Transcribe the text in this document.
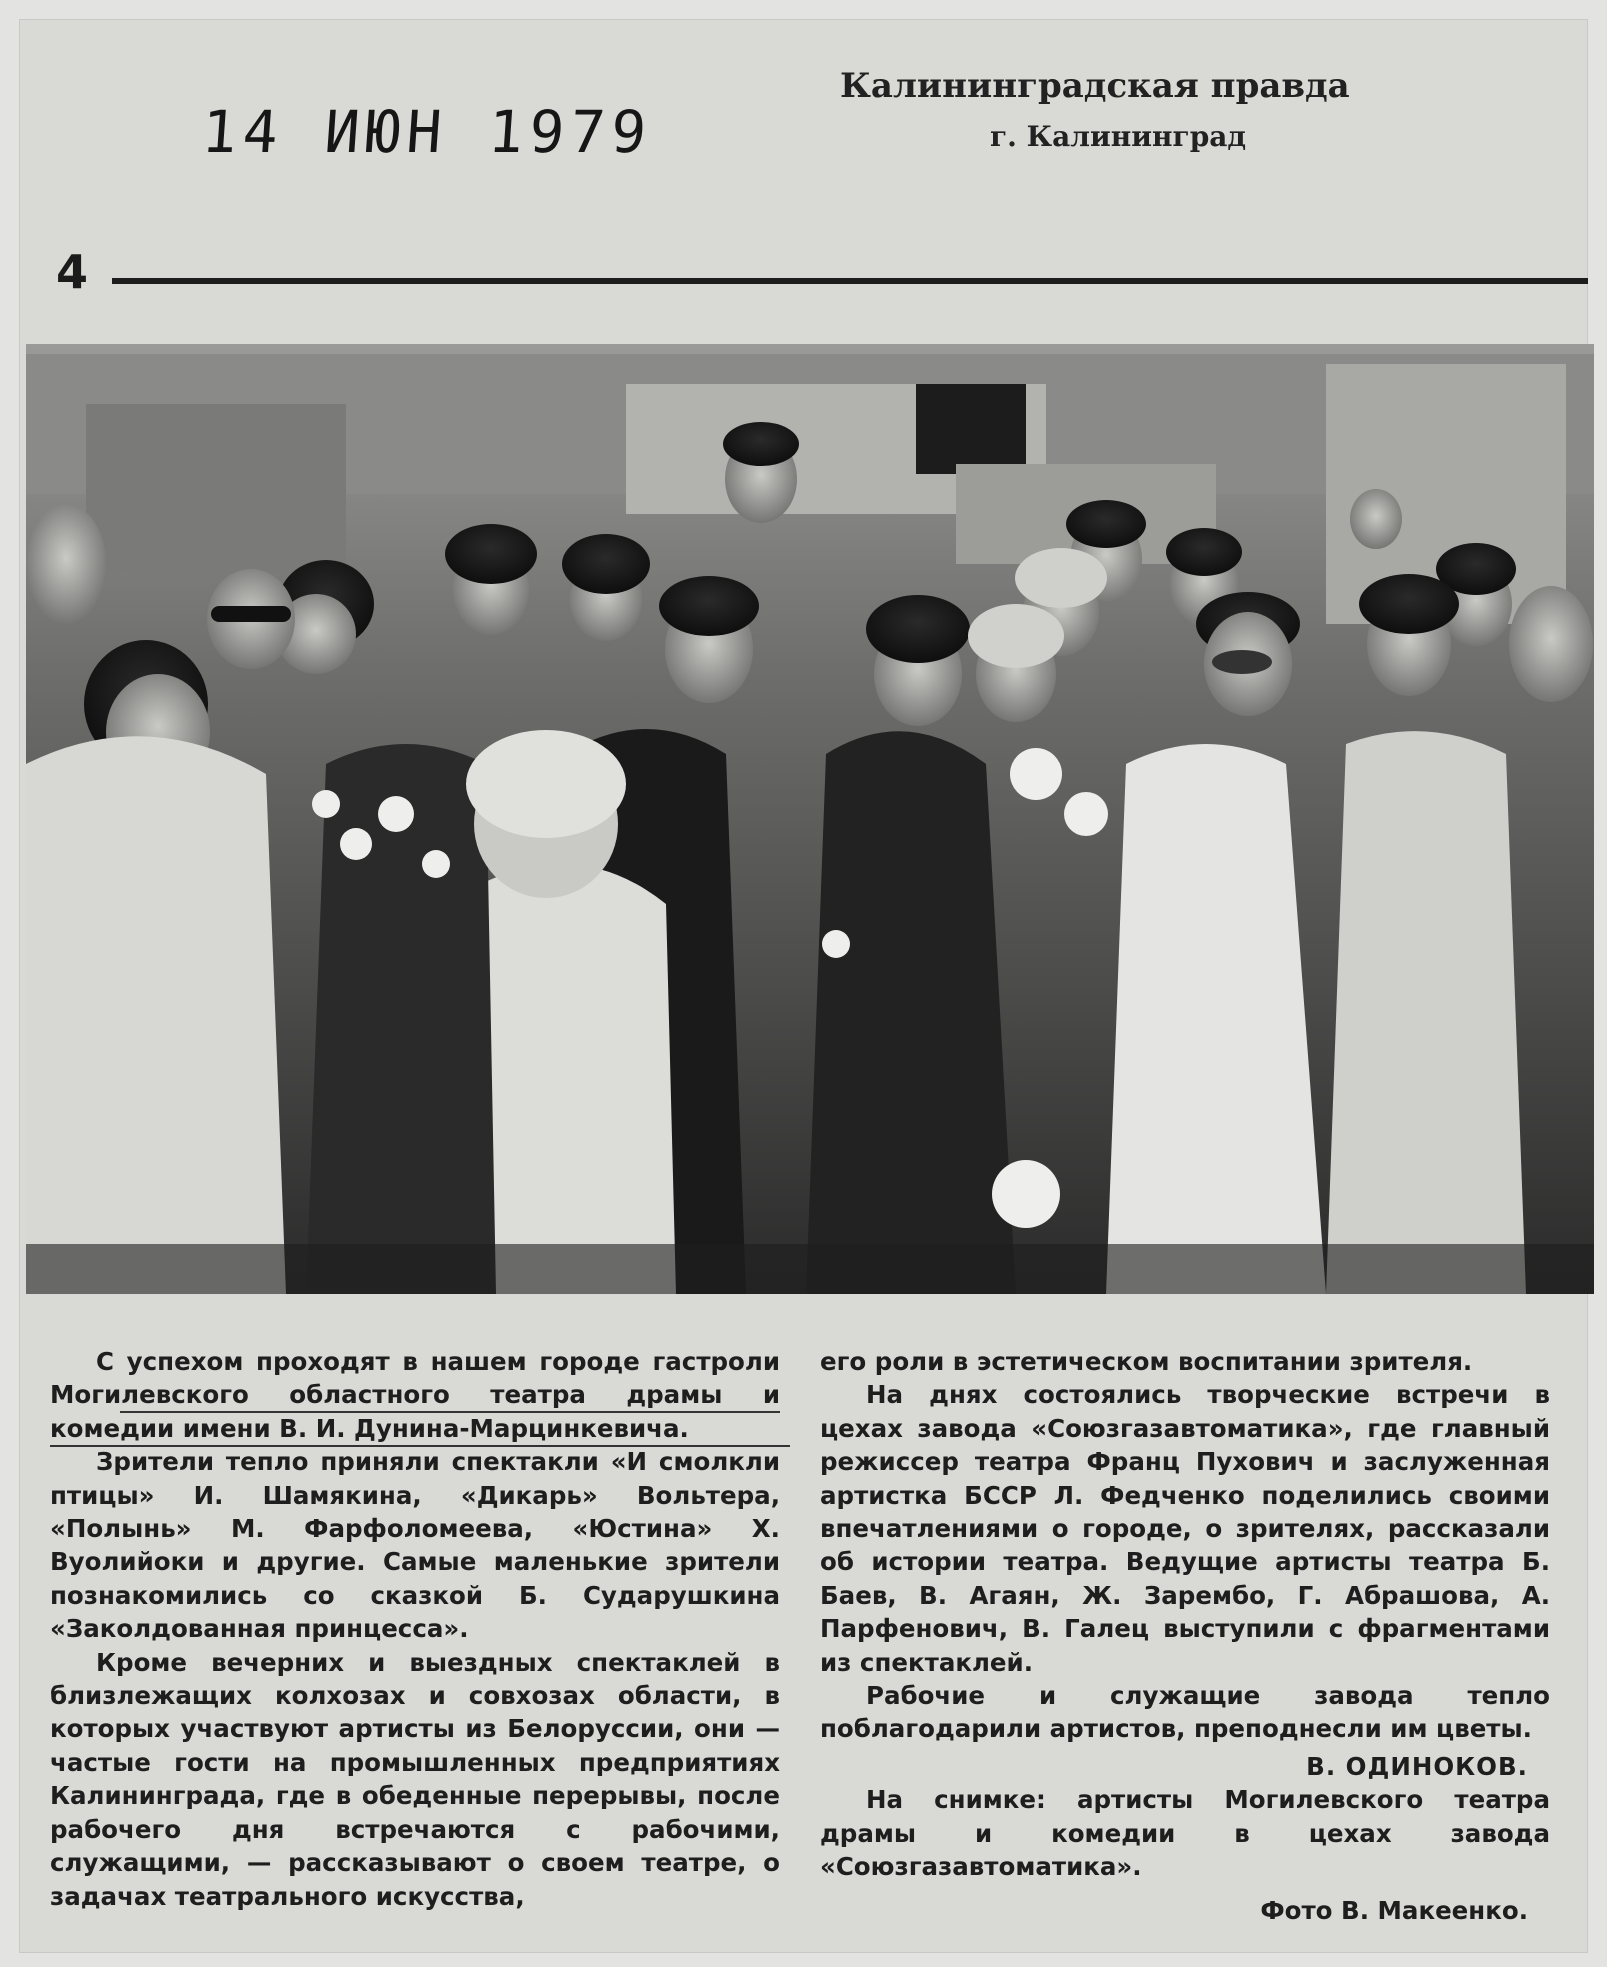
14 ИЮН 1979
Калининградская правда
г. Калининград
4

С успехом проходят в нашем городе гастроли Могилевского областного театра драмы и комедии имени В. И. Дунина-Марцинкевича.

Зрители тепло приняли спектакли «И смолкли птицы» И. Шамякина, «Дикарь» Вольтера, «Полынь» М. Фарфоломеева, «Юстина» Х. Вуолийоки и другие. Самые маленькие зрители познакомились со сказкой Б. Сударушкина «Заколдованная принцесса».

Кроме вечерних и выездных спектаклей в близлежащих колхозах и совхозах области, в которых участвуют артисты из Белоруссии, они — частые гости на промышленных предприятиях Калининграда, где в обеденные перерывы, после рабочего дня встречаются с рабочими, служащими, — рассказывают о своем театре, о задачах театрального искусства,

его роли в эстетическом воспитании зрителя.

На днях состоялись творческие встречи в цехах завода «Союзгазавтоматика», где главный режиссер театра Франц Пухович и заслуженная артистка БССР Л. Федченко поделились своими впечатлениями о городе, о зрителях, рассказали об истории театра. Ведущие артисты театра Б. Баев, В. Агаян, Ж. Зарембо, Г. Абрашова, А. Парфенович, В. Галец выступили с фрагментами из спектаклей.

Рабочие и служащие завода тепло поблагодарили артистов, преподнесли им цветы.

В. ОДИНОКОВ.

На снимке: артисты Могилевского театра драмы и комедии в цехах завода «Союзгазавтоматика».

Фото В. Макеенко.
